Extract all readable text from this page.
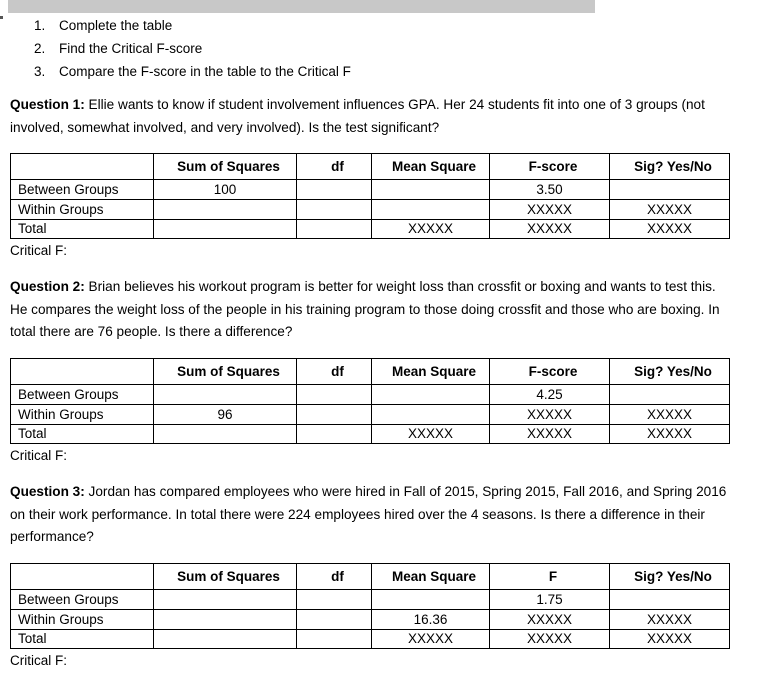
1. Complete the table
2. Find the Critical F-score
3. Compare the F-score in the table to the Critical F

Question 1: Ellie wants to know if student involvement influences GPA. Her 24 students fit into one of 3 groups (not involved, somewhat involved, and very involved). Is the test significant?

	Sum of Squares	df	Mean Square	F-score	Sig? Yes/No
Between Groups	100			3.50	
Within Groups				XXXXX	XXXXX
Total			XXXXX	XXXXX	XXXXX
Critical F:

Question 2: Brian believes his workout program is better for weight loss than crossfit or boxing and wants to test this. He compares the weight loss of the people in his training program to those doing crossfit and those who are boxing. In total there are 76 people. Is there a difference?

	Sum of Squares	df	Mean Square	F-score	Sig? Yes/No
Between Groups				4.25	
Within Groups	96			XXXXX	XXXXX
Total			XXXXX	XXXXX	XXXXX
Critical F:

Question 3: Jordan has compared employees who were hired in Fall of 2015, Spring 2015, Fall 2016, and Spring 2016 on their work performance. In total there were 224 employees hired over the 4 seasons. Is there a difference in their performance?

	Sum of Squares	df	Mean Square	F	Sig? Yes/No
Between Groups				1.75	
Within Groups			16.36	XXXXX	XXXXX
Total			XXXXX	XXXXX	XXXXX
Critical F:
